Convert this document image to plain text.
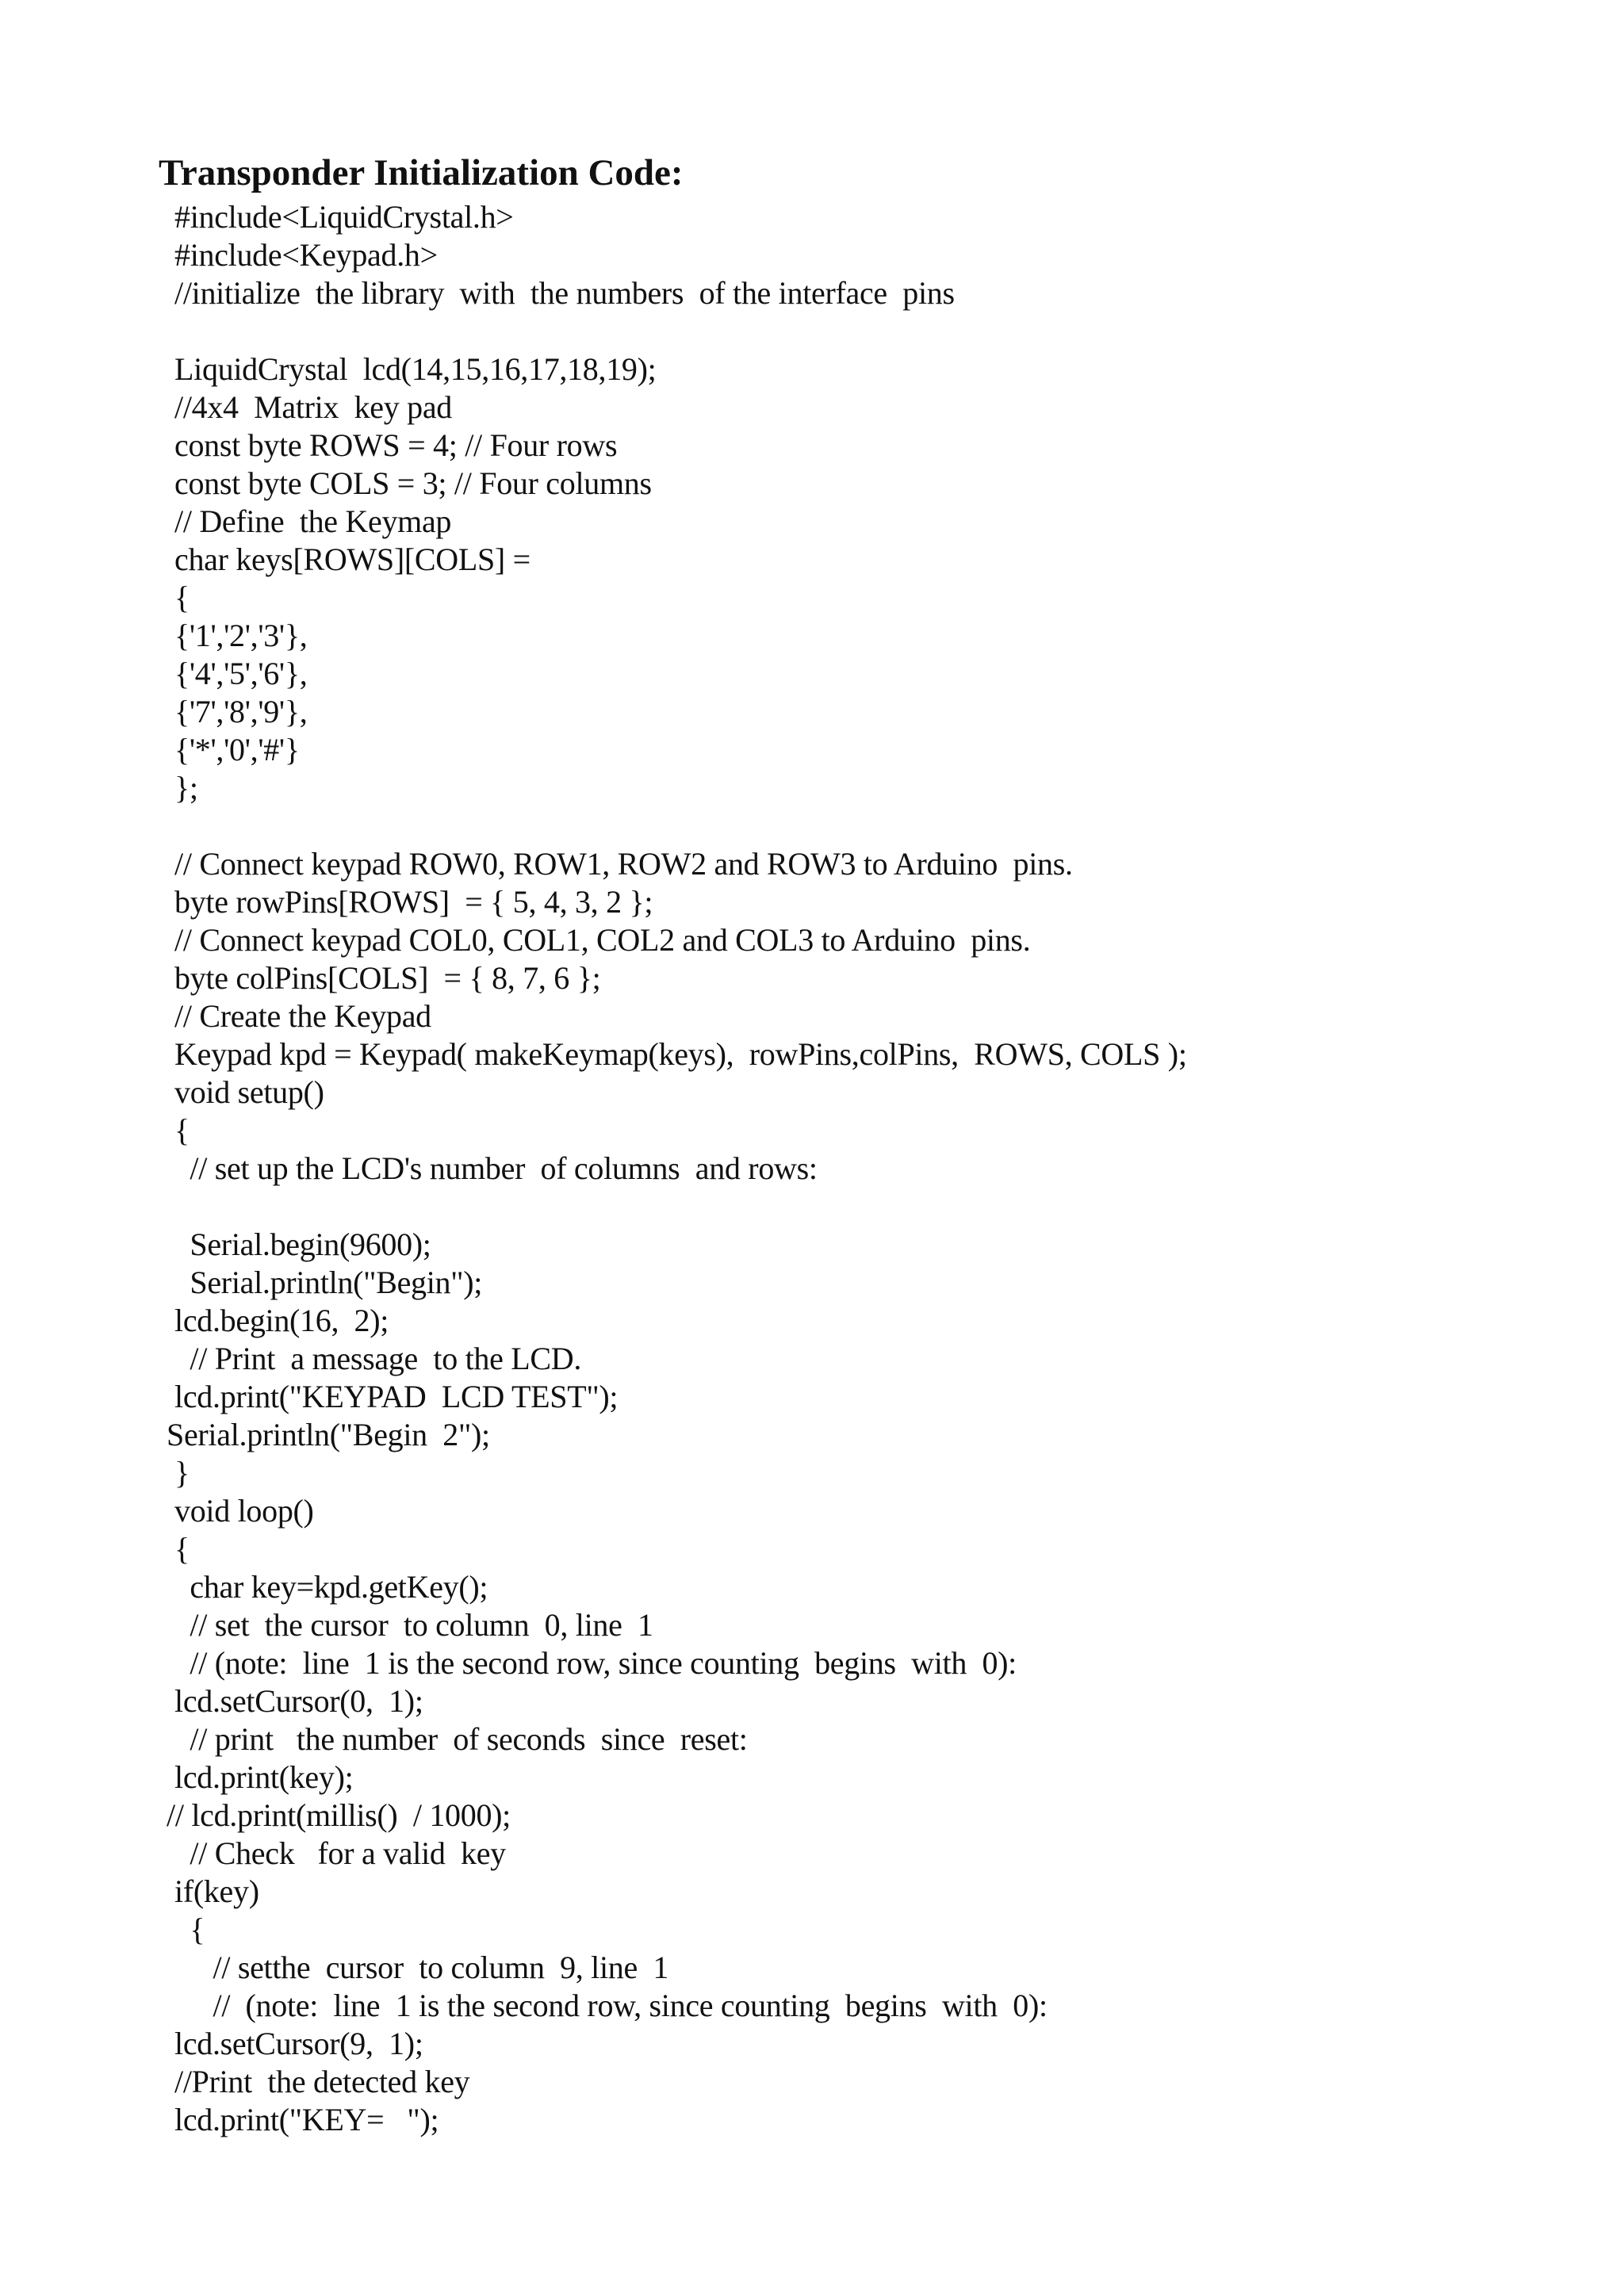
Transponder Initialization Code:
#include<LiquidCrystal.h>
#include<Keypad.h>
//initialize  the library  with  the numbers  of the interface  pins
LiquidCrystal  lcd(14,15,16,17,18,19);
//4x4  Matrix  key pad
const byte ROWS = 4; // Four rows
const byte COLS = 3; // Four columns
// Define  the Keymap
char keys[ROWS][COLS] =
{
{'1','2','3'},
{'4','5','6'},
{'7','8','9'},
{'*','0','#'}
};
// Connect keypad ROW0, ROW1, ROW2 and ROW3 to Arduino  pins.
byte rowPins[ROWS]  = { 5, 4, 3, 2 };
// Connect keypad COL0, COL1, COL2 and COL3 to Arduino  pins.
byte colPins[COLS]  = { 8, 7, 6 };
// Create the Keypad
Keypad kpd = Keypad( makeKeymap(keys),  rowPins,colPins,  ROWS, COLS );
void setup()
{
// set up the LCD's number  of columns  and rows:
Serial.begin(9600);
Serial.println("Begin");
lcd.begin(16,  2);
// Print  a message  to the LCD.
lcd.print("KEYPAD  LCD TEST");
Serial.println("Begin  2");
}
void loop()
{
char key=kpd.getKey();
// set  the cursor  to column  0, line  1
// (note:  line  1 is the second row, since counting  begins  with  0):
lcd.setCursor(0,  1);
// print   the number  of seconds  since  reset:
lcd.print(key);
// lcd.print(millis()  / 1000);
// Check   for a valid  key
if(key)
{
// setthe  cursor  to column  9, line  1
//  (note:  line  1 is the second row, since counting  begins  with  0):
lcd.setCursor(9,  1);
//Print  the detected key
lcd.print("KEY=   ");
